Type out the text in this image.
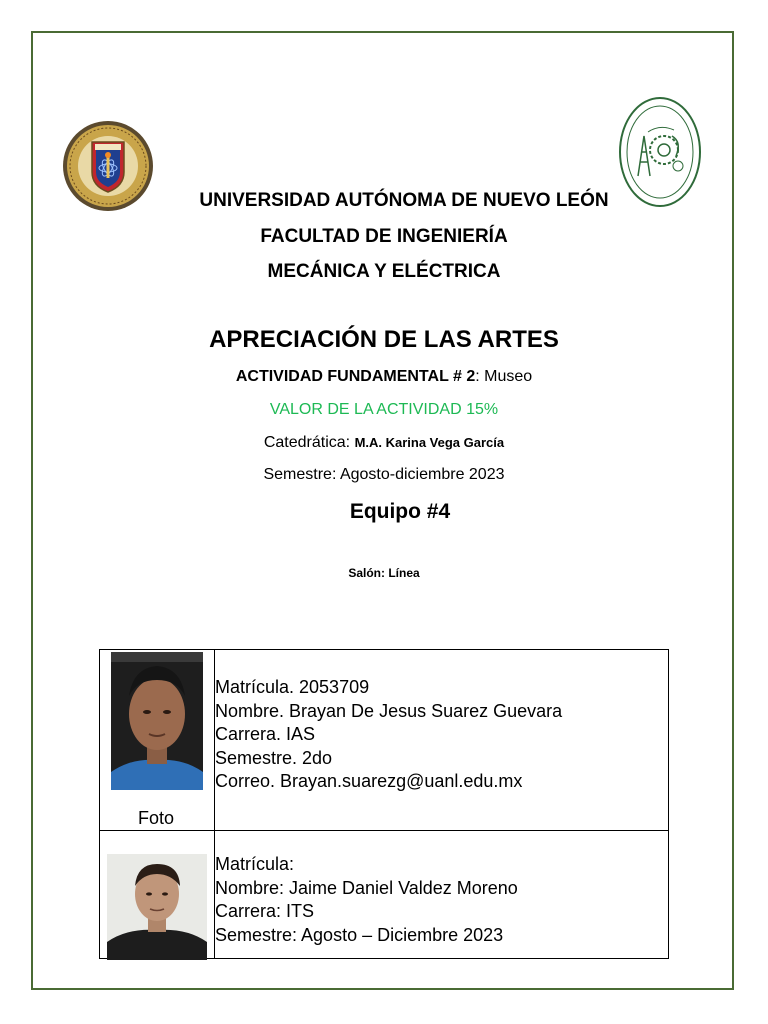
UNIVERSIDAD AUTÓNOMA DE NUEVO LEÓN
FACULTAD DE INGENIERÍA
MECÁNICA Y ELÉCTRICA
APRECIACIÓN DE LAS ARTES
ACTIVIDAD FUNDAMENTAL # 2: Museo
VALOR DE LA ACTIVIDAD 15%
Catedrática: M.A. Karina Vega García
Semestre: Agosto-diciembre 2023
Equipo #4
Salón: Línea
Foto	Matrícula. 2053709
Nombre. Brayan De Jesus Suarez Guevara
Carrera. IAS
Semestre. 2do
Correo. Brayan.suarezg@uanl.edu.mx

Matrícula:
Nombre: Jaime Daniel Valdez Moreno
Carrera: ITS
Semestre: Agosto – Diciembre 2023
